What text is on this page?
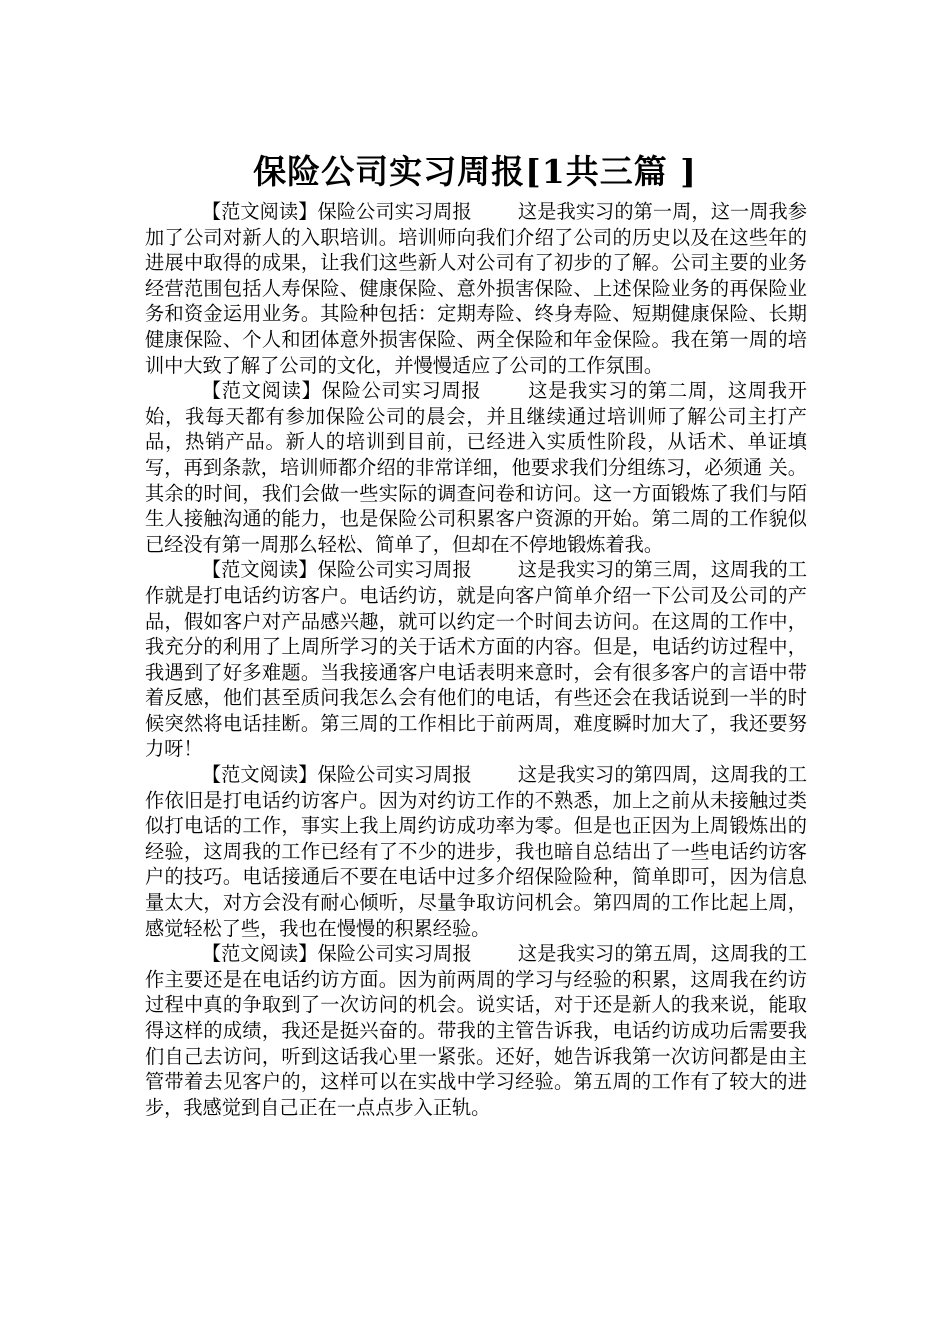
保险公司实习周报[1共三篇 ]

【范文阅读】保险公司实习周报 这是我实习的第一周，这一周我参加了公司对新人的入职培训。培训师向我们介绍了公司的历史以及在这些年的进展中取得的成果，让我们这些新人对公司有了初步的了解。公司主要的业务经营范围包括人寿保险、健康保险、意外损害保险、上述保险业务的再保险业务和资金运用业务。其险种包括：定期寿险、终身寿险、短期健康保险、长期健康保险、个人和团体意外损害保险、两全保险和年金保险。我在第一周的培训中大致了解了公司的文化，并慢慢适应了公司的工作氛围。

【范文阅读】保险公司实习周报 这是我实习的第二周，这周我开始，我每天都有参加保险公司的晨会，并且继续通过培训师了解公司主打产品，热销产品。新人的培训到目前，已经进入实质性阶段，从话术、单证填写，再到条款，培训师都介绍的非常详细，他要求我们分组练习，必须通 关。其余的时间，我们会做一些实际的调查问卷和访问。这一方面锻炼了我们与陌生人接触沟通的能力，也是保险公司积累客户资源的开始。第二周的工作貌似已经没有第一周那么轻松、简单了，但却在不停地锻炼着我。

【范文阅读】保险公司实习周报 这是我实习的第三周，这周我的工作就是打电话约访客户。电话约访，就是向客户简单介绍一下公司及公司的产品，假如客户对产品感兴趣，就可以约定一个时间去访问。在这周的工作中，我充分的利用了上周所学习的关于话术方面的内容。但是，电话约访过程中，我遇到了好多难题。当我接通客户电话表明来意时，会有很多客户的言语中带着反感，他们甚至质问我怎么会有他们的电话，有些还会在我话说到一半的时候突然将电话挂断。第三周的工作相比于前两周，难度瞬时加大了，我还要努力呀！

【范文阅读】保险公司实习周报 这是我实习的第四周，这周我的工作依旧是打电话约访客户。因为对约访工作的不熟悉，加上之前从未接触过类似打电话的工作，事实上我上周约访成功率为零。但是也正因为上周锻炼出的经验，这周我的工作已经有了不少的进步，我也暗自总结出了一些电话约访客户的技巧。电话接通后不要在电话中过多介绍保险险种，简单即可，因为信息量太大，对方会没有耐心倾听，尽量争取访问机会。第四周的工作比起上周，感觉轻松了些，我也在慢慢的积累经验。

【范文阅读】保险公司实习周报 这是我实习的第五周，这周我的工作主要还是在电话约访方面。因为前两周的学习与经验的积累，这周我在约访过程中真的争取到了一次访问的机会。说实话，对于还是新人的我来说，能取得这样的成绩，我还是挺兴奋的。带我的主管告诉我，电话约访成功后需要我们自己去访问，听到这话我心里一紧张。还好，她告诉我第一次访问都是由主管带着去见客户的，这样可以在实战中学习经验。第五周的工作有了较大的进步，我感觉到自己正在一点点步入正轨。
